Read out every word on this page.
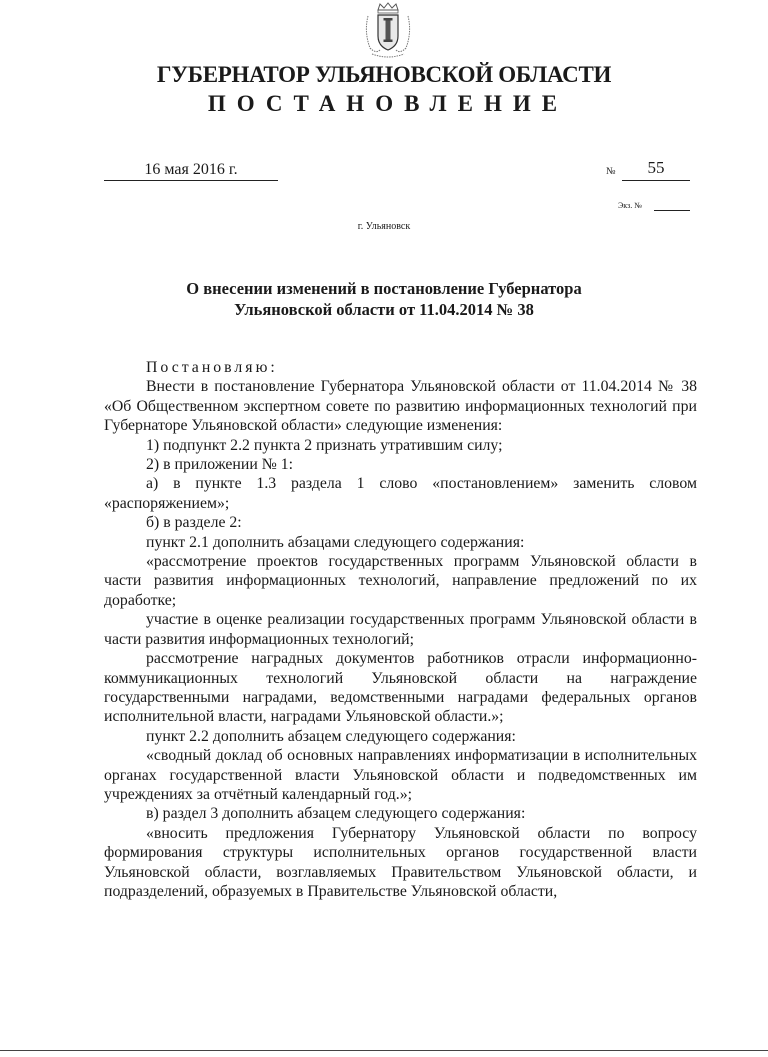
ГУБЕРНАТОР УЛЬЯНОВСКОЙ ОБЛАСТИ
ПОСТАНОВЛЕНИЕ
16 мая 2016 г.	№	55
Экз. №
г. Ульяновск
О внесении изменений в постановление Губернатора
Ульяновской области от 11.04.2014 № 38

Постановляю:

Внести в постановление Губернатора Ульяновской области от 11.04.2014 № 38 «Об Общественном экспертном совете по развитию информационных технологий при Губернаторе Ульяновской области» следующие изменения:

1) подпункт 2.2 пункта 2 признать утратившим силу;

2) в приложении № 1:

а) в пункте 1.3 раздела 1 слово «постановлением» заменить словом «распоряжением»;

б) в разделе 2:

пункт 2.1 дополнить абзацами следующего содержания:

«рассмотрение проектов государственных программ Ульяновской области в части развития информационных технологий, направление предложений по их доработке;

участие в оценке реализации государственных программ Ульяновской области в части развития информационных технологий;

рассмотрение наградных документов работников отрасли информационно-коммуникационных технологий Ульяновской области на награждение государственными наградами, ведомственными наградами федеральных органов исполнительной власти, наградами Ульяновской области.»;

пункт 2.2 дополнить абзацем следующего содержания:

«сводный доклад об основных направлениях информатизации в исполнительных органах государственной власти Ульяновской области и подведомственных им учреждениях за отчётный календарный год.»;

в) раздел 3 дополнить абзацем следующего содержания:

«вносить предложения Губернатору Ульяновской области по вопросу формирования структуры исполнительных органов государственной власти Ульяновской области, возглавляемых Правительством Ульяновской области, и подразделений, образуемых в Правительстве Ульяновской области,
